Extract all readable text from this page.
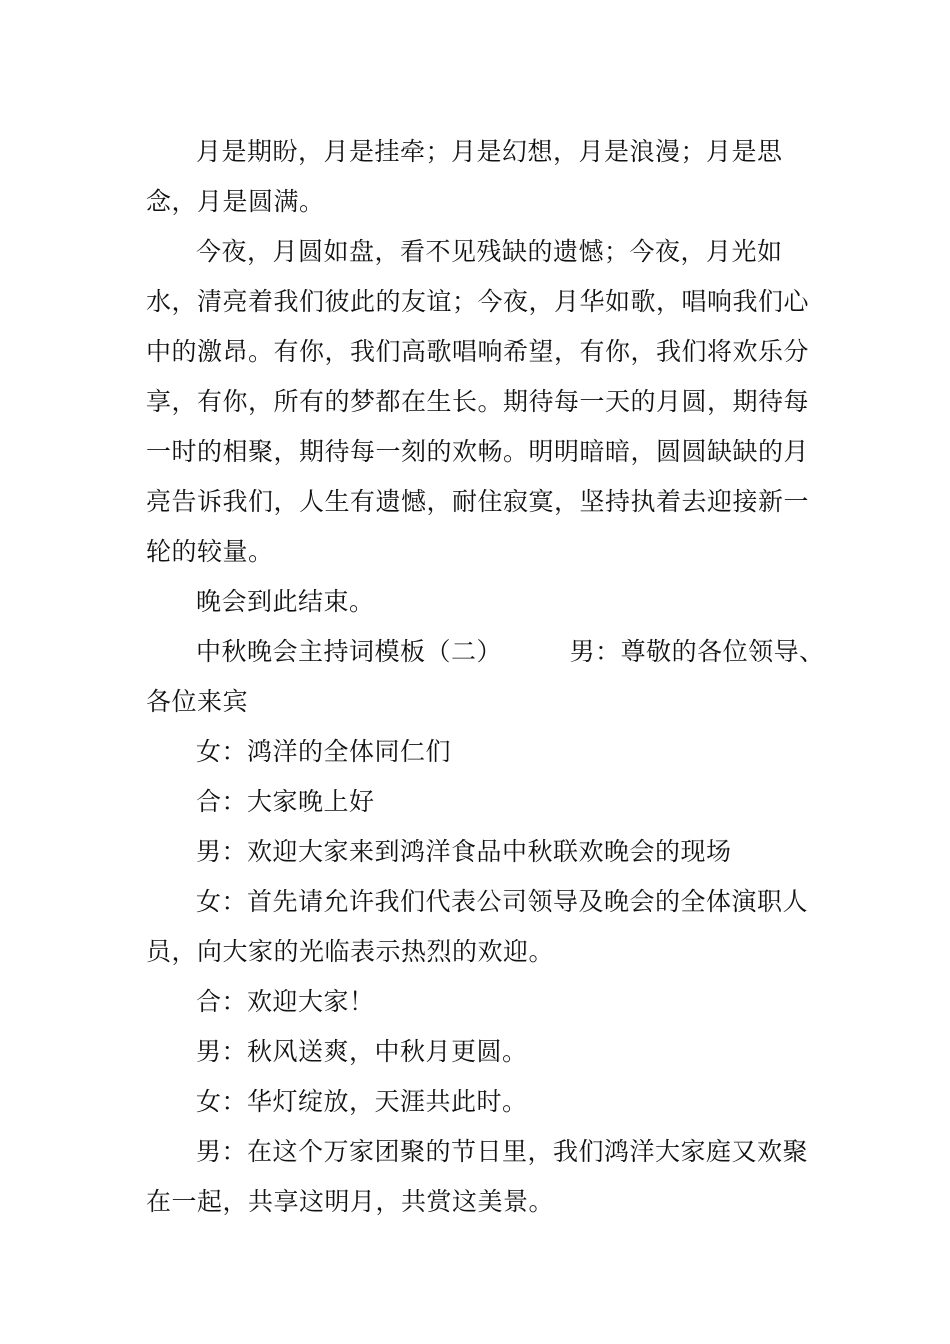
月是期盼，月是挂牵；月是幻想，月是浪漫；月是思念，月是圆满。

今夜，月圆如盘，看不见残缺的遗憾；今夜，月光如水，清亮着我们彼此的友谊；今夜，月华如歌，唱响我们心中的激昂。有你，我们高歌唱响希望，有你，我们将欢乐分享，有你，所有的梦都在生长。期待每一天的月圆，期待每一时的相聚，期待每一刻的欢畅。明明暗暗，圆圆缺缺的月亮告诉我们，人生有遗憾，耐住寂寞，坚持执着去迎接新一轮的较量。

晚会到此结束。

中秋晚会主持词模板（二）        男：尊敬的各位领导、各位来宾

女：鸿洋的全体同仁们

合：大家晚上好

男：欢迎大家来到鸿洋食品中秋联欢晚会的现场

女：首先请允许我们代表公司领导及晚会的全体演职人员，向大家的光临表示热烈的欢迎。

合：欢迎大家！

男：秋风送爽，中秋月更圆。

女：华灯绽放，天涯共此时。

男：在这个万家团聚的节日里，我们鸿洋大家庭又欢聚在一起，共享这明月，共赏这美景。
